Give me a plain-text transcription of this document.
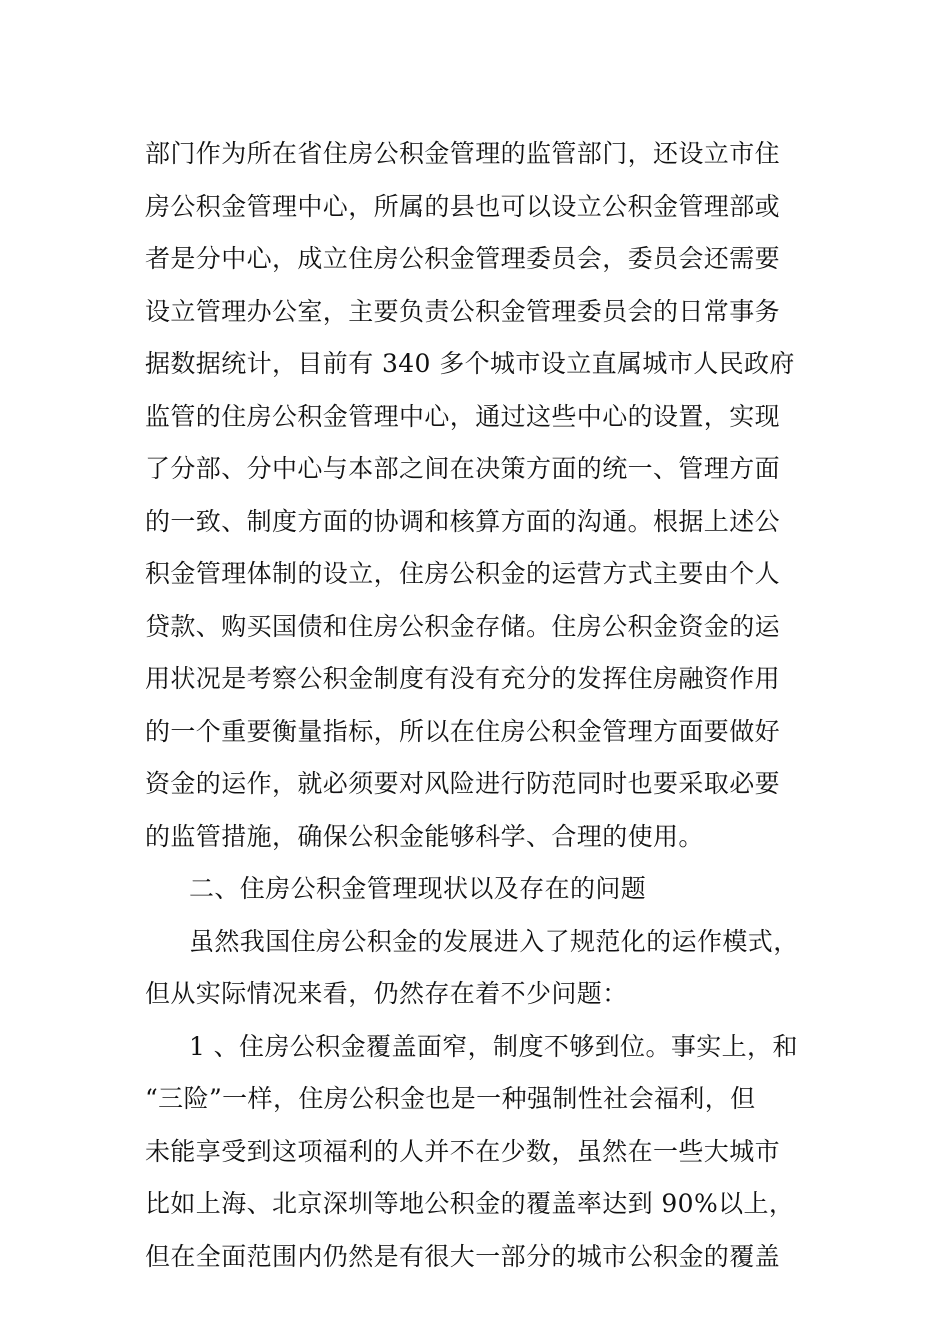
部门作为所在省住房公积金管理的监管部门，还设立市住
房公积金管理中心，所属的县也可以设立公积金管理部或
者是分中心，成立住房公积金管理委员会，委员会还需要
设立管理办公室，主要负责公积金管理委员会的日常事务
据数据统计，目前有 340 多个城市设立直属城市人民政府
监管的住房公积金管理中心，通过这些中心的设置，实现
了分部、分中心与本部之间在决策方面的统一、管理方面
的一致、制度方面的协调和核算方面的沟通。根据上述公
积金管理体制的设立，住房公积金的运营方式主要由个人
贷款、购买国债和住房公积金存储。住房公积金资金的运
用状况是考察公积金制度有没有充分的发挥住房融资作用
的一个重要衡量指标，所以在住房公积金管理方面要做好
资金的运作，就必须要对风险进行防范同时也要采取必要
的监管措施，确保公积金能够科学、合理的使用。
二、住房公积金管理现状以及存在的问题
虽然我国住房公积金的发展进入了规范化的运作模式，
但从实际情况来看，仍然存在着不少问题：
1 、住房公积金覆盖面窄，制度不够到位。事实上，和
“三险”一样，住房公积金也是一种强制性社会福利，但
未能享受到这项福利的人并不在少数，虽然在一些大城市
比如上海、北京深圳等地公积金的覆盖率达到 90%以上，
但在全面范围内仍然是有很大一部分的城市公积金的覆盖
